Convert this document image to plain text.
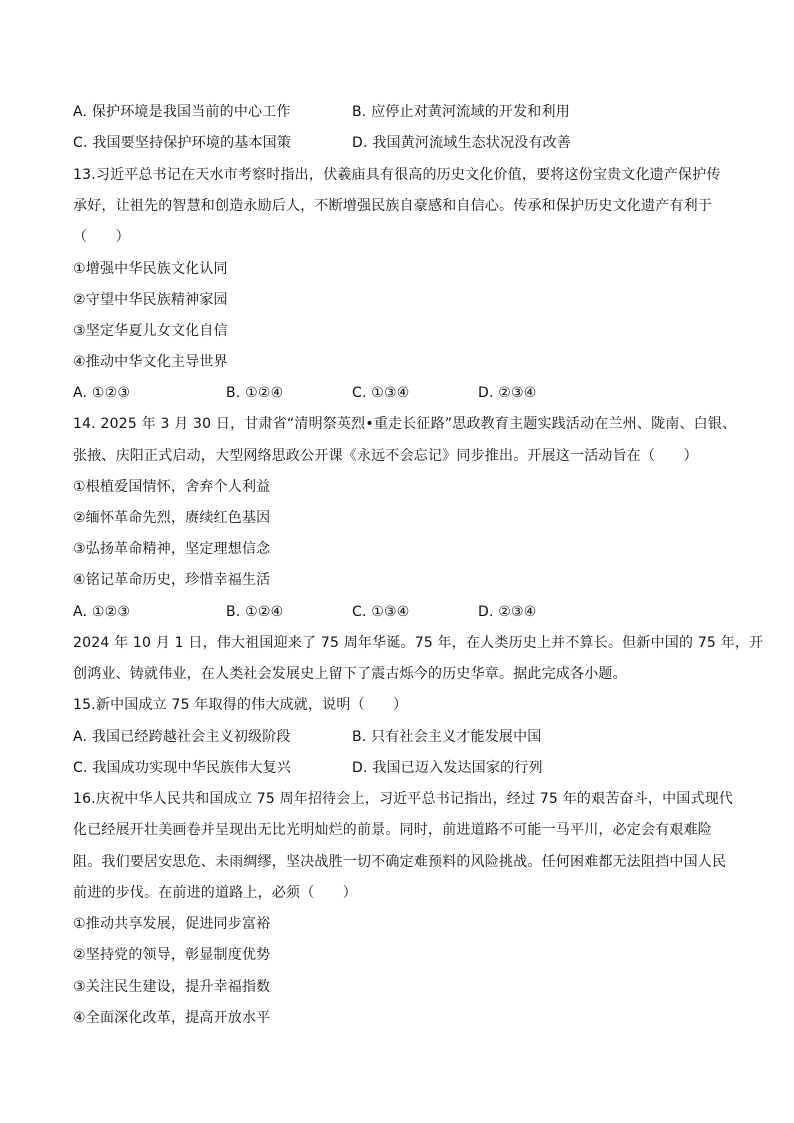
A. 保护环境是我国当前的中心工作	B. 应停止对黄河流域的开发和利用
C. 我国要坚持保护环境的基本国策	D. 我国黄河流域生态状况没有改善
13.习近平总书记在天水市考察时指出，伏羲庙具有很高的历史文化价值，要将这份宝贵文化遗产保护传
承好，让祖先的智慧和创造永励后人，不断增强民族自豪感和自信心。传承和保护历史文化遗产有利于
（　　）
①增强中华民族文化认同
②守望中华民族精神家园
③坚定华夏儿女文化自信
④推动中华文化主导世界
A. ①②③	B. ①②④	C. ①③④	D. ②③④
14. 2025 年 3 月 30 日，甘肃省“清明祭英烈•重走长征路”思政教育主题实践活动在兰州、陇南、白银、
张掖、庆阳正式启动，大型网络思政公开课《永远不会忘记》同步推出。开展这一活动旨在（　　）
①根植爱国情怀，舍弃个人利益
②缅怀革命先烈，赓续红色基因
③弘扬革命精神，坚定理想信念
④铭记革命历史，珍惜幸福生活
A. ①②③	B. ①②④	C. ①③④	D. ②③④
2024 年 10 月 1 日，伟大祖国迎来了 75 周年华诞。75 年，在人类历史上并不算长。但新中国的 75 年，开
创鸿业、铸就伟业，在人类社会发展史上留下了震古烁今的历史华章。据此完成各小题。
15.新中国成立 75 年取得的伟大成就，说明（　　）
A. 我国已经跨越社会主义初级阶段	B. 只有社会主义才能发展中国
C. 我国成功实现中华民族伟大复兴	D. 我国已迈入发达国家的行列
16.庆祝中华人民共和国成立 75 周年招待会上，习近平总书记指出，经过 75 年的艰苦奋斗，中国式现代
化已经展开壮美画卷并呈现出无比光明灿烂的前景。同时，前进道路不可能一马平川，必定会有艰难险
阻。我们要居安思危、未雨绸缪，坚决战胜一切不确定难预料的风险挑战。任何困难都无法阻挡中国人民
前进的步伐。在前进的道路上，必须（　　）
①推动共享发展，促进同步富裕
②坚持党的领导，彰显制度优势
③关注民生建设，提升幸福指数
④全面深化改革，提高开放水平
